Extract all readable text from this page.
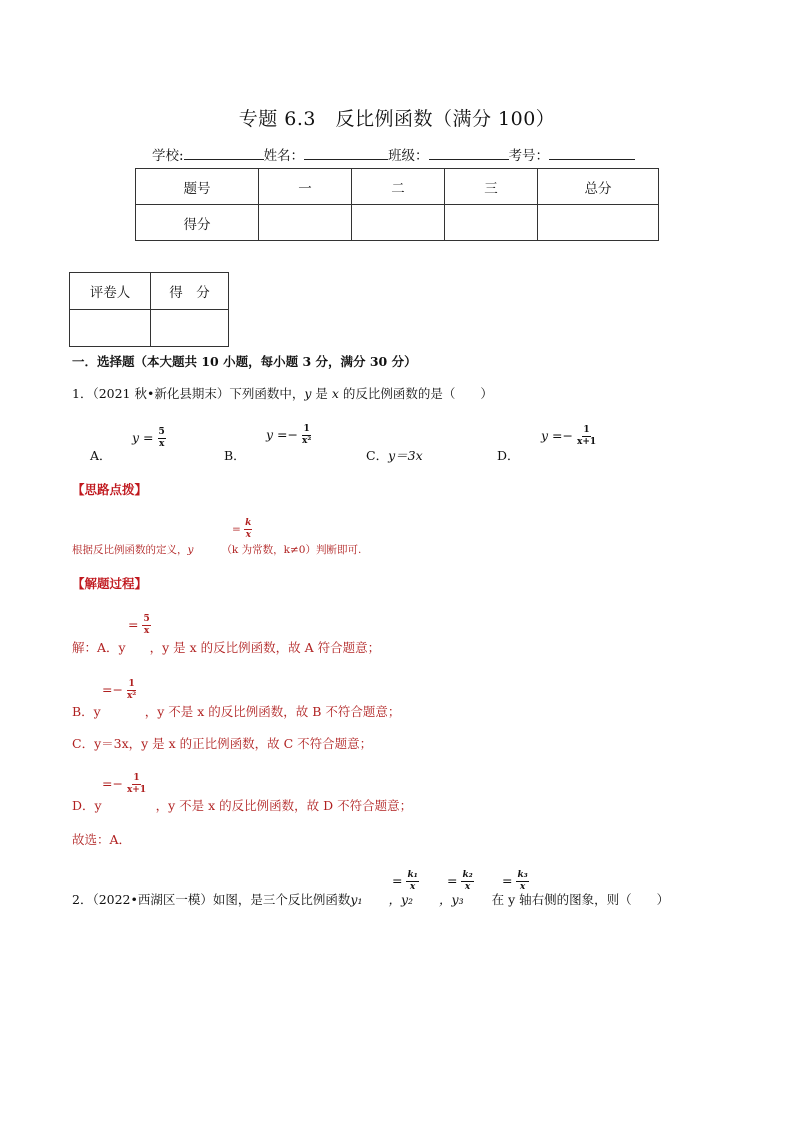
专题 6.3　反比例函数（满分 100）
学校:	姓名：	班级：	考号：
题号	一	二	三	总分
得分				
评卷人	得　分

一．选择题（本大题共 10 小题，每小题 3 分，满分 30 分）
1．（2021 秋•新化县期末）下列函数中，y 是 x 的反比例函数的是（　　）
A．
$y = \frac{5}{x}$
B．
$y =- \frac{1}{\text{x²}}$
C．y＝3x	D．
$y =- \frac{1}{x+1}$
【思路点拨】
= $\frac{k}{x}$
根据反比例函数的定义，y	（k 为常数，k≠0）判断即可.
【解题过程】
= $\frac{5}{x}$
解：A．y ，y 是 x 的反比例函数，故 A 符合题意；
=− $\frac{1}{\text{x²}}$
B．y	，y 不是 x 的反比例函数，故 B 不符合题意；
C．y＝3x，y 是 x 的正比例函数，故 C 不符合题意；
=− $\frac{1}{x+1}$
D．y	，y 不是 x 的反比例函数，故 D 不符合题意；
故选：A．
2．（2022•西湖区一模）如图，是三个反比例函数y₁ ，y₂ ，y₃ 在 y 轴右侧的图象，则（　　）
= $\frac{\text{k₁}}{x} = \frac{\text{k₂}}{x} = \frac{\text{k₃}}{x}$
